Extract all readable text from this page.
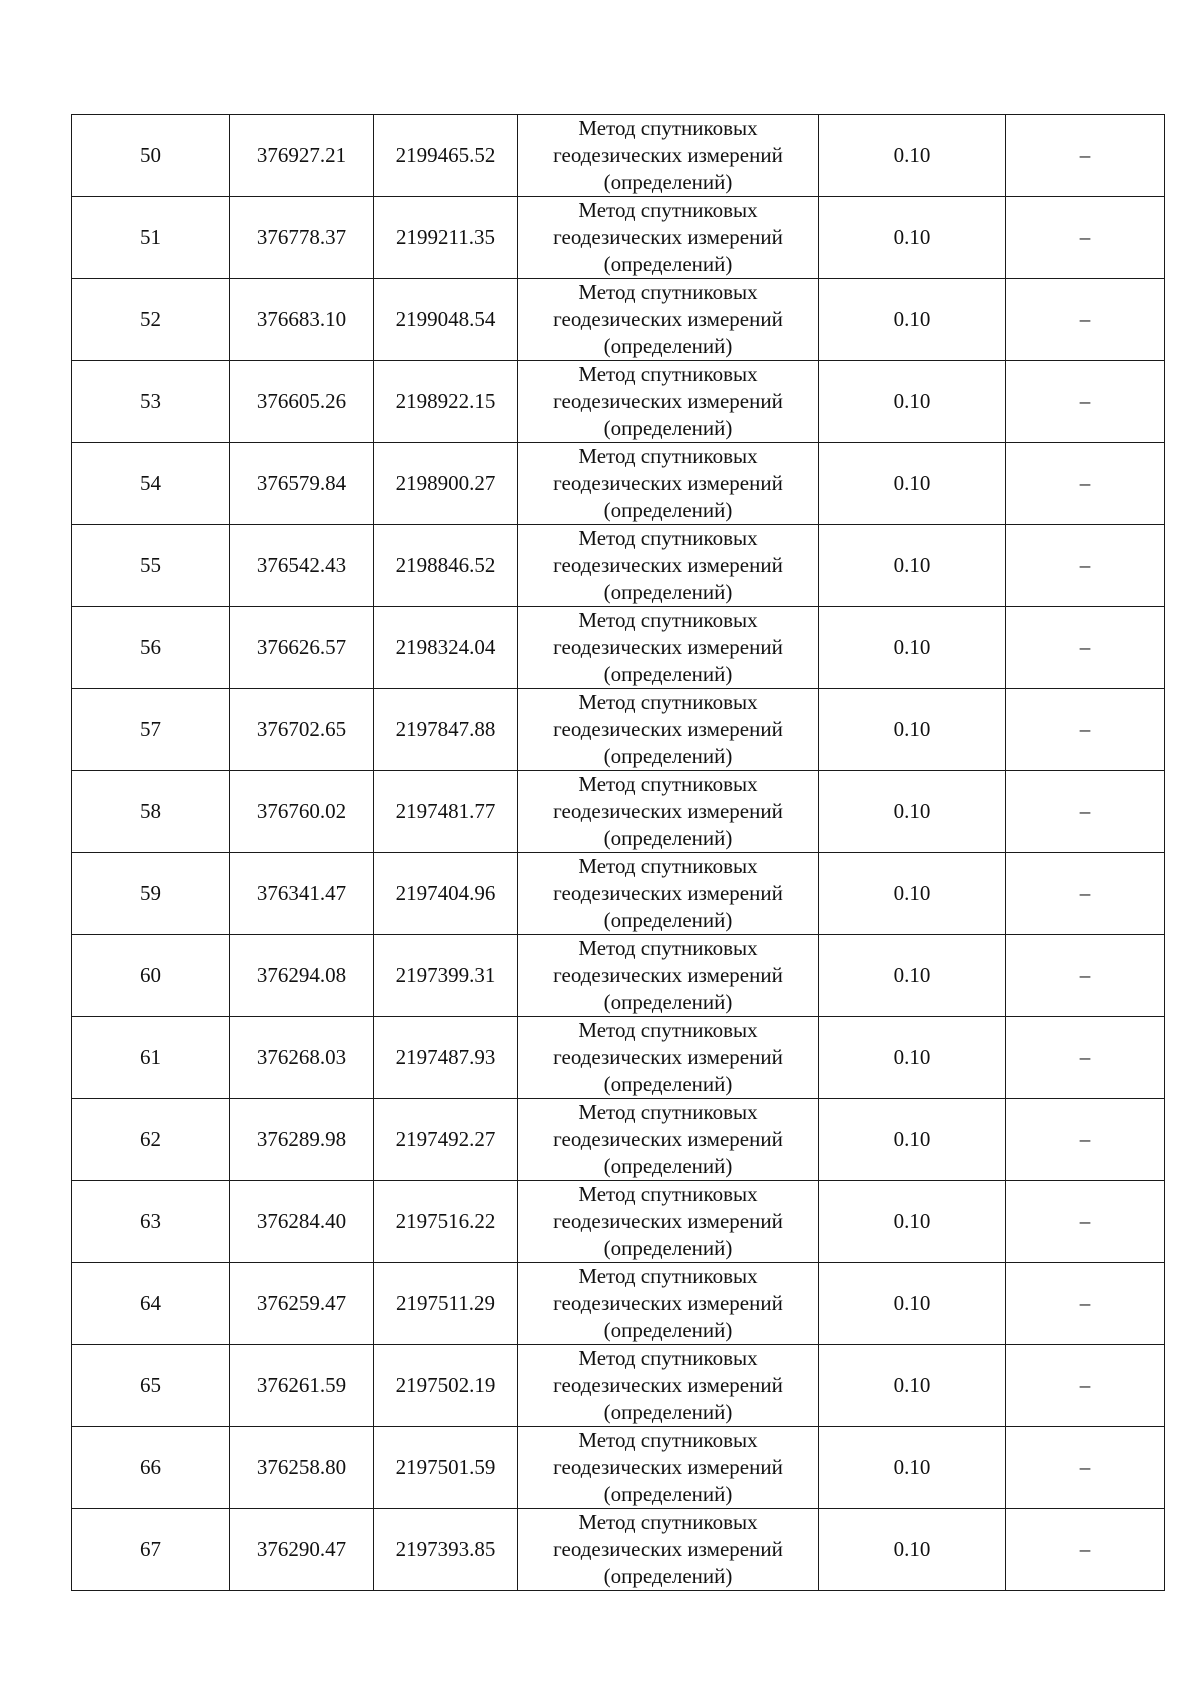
50	376927.21	2199465.52	Метод спутниковых
геодезических измерений
(определений)	0.10	–
51	376778.37	2199211.35	Метод спутниковых
геодезических измерений
(определений)	0.10	–
52	376683.10	2199048.54	Метод спутниковых
геодезических измерений
(определений)	0.10	–
53	376605.26	2198922.15	Метод спутниковых
геодезических измерений
(определений)	0.10	–
54	376579.84	2198900.27	Метод спутниковых
геодезических измерений
(определений)	0.10	–
55	376542.43	2198846.52	Метод спутниковых
геодезических измерений
(определений)	0.10	–
56	376626.57	2198324.04	Метод спутниковых
геодезических измерений
(определений)	0.10	–
57	376702.65	2197847.88	Метод спутниковых
геодезических измерений
(определений)	0.10	–
58	376760.02	2197481.77	Метод спутниковых
геодезических измерений
(определений)	0.10	–
59	376341.47	2197404.96	Метод спутниковых
геодезических измерений
(определений)	0.10	–
60	376294.08	2197399.31	Метод спутниковых
геодезических измерений
(определений)	0.10	–
61	376268.03	2197487.93	Метод спутниковых
геодезических измерений
(определений)	0.10	–
62	376289.98	2197492.27	Метод спутниковых
геодезических измерений
(определений)	0.10	–
63	376284.40	2197516.22	Метод спутниковых
геодезических измерений
(определений)	0.10	–
64	376259.47	2197511.29	Метод спутниковых
геодезических измерений
(определений)	0.10	–
65	376261.59	2197502.19	Метод спутниковых
геодезических измерений
(определений)	0.10	–
66	376258.80	2197501.59	Метод спутниковых
геодезических измерений
(определений)	0.10	–
67	376290.47	2197393.85	Метод спутниковых
геодезических измерений
(определений)	0.10	–
